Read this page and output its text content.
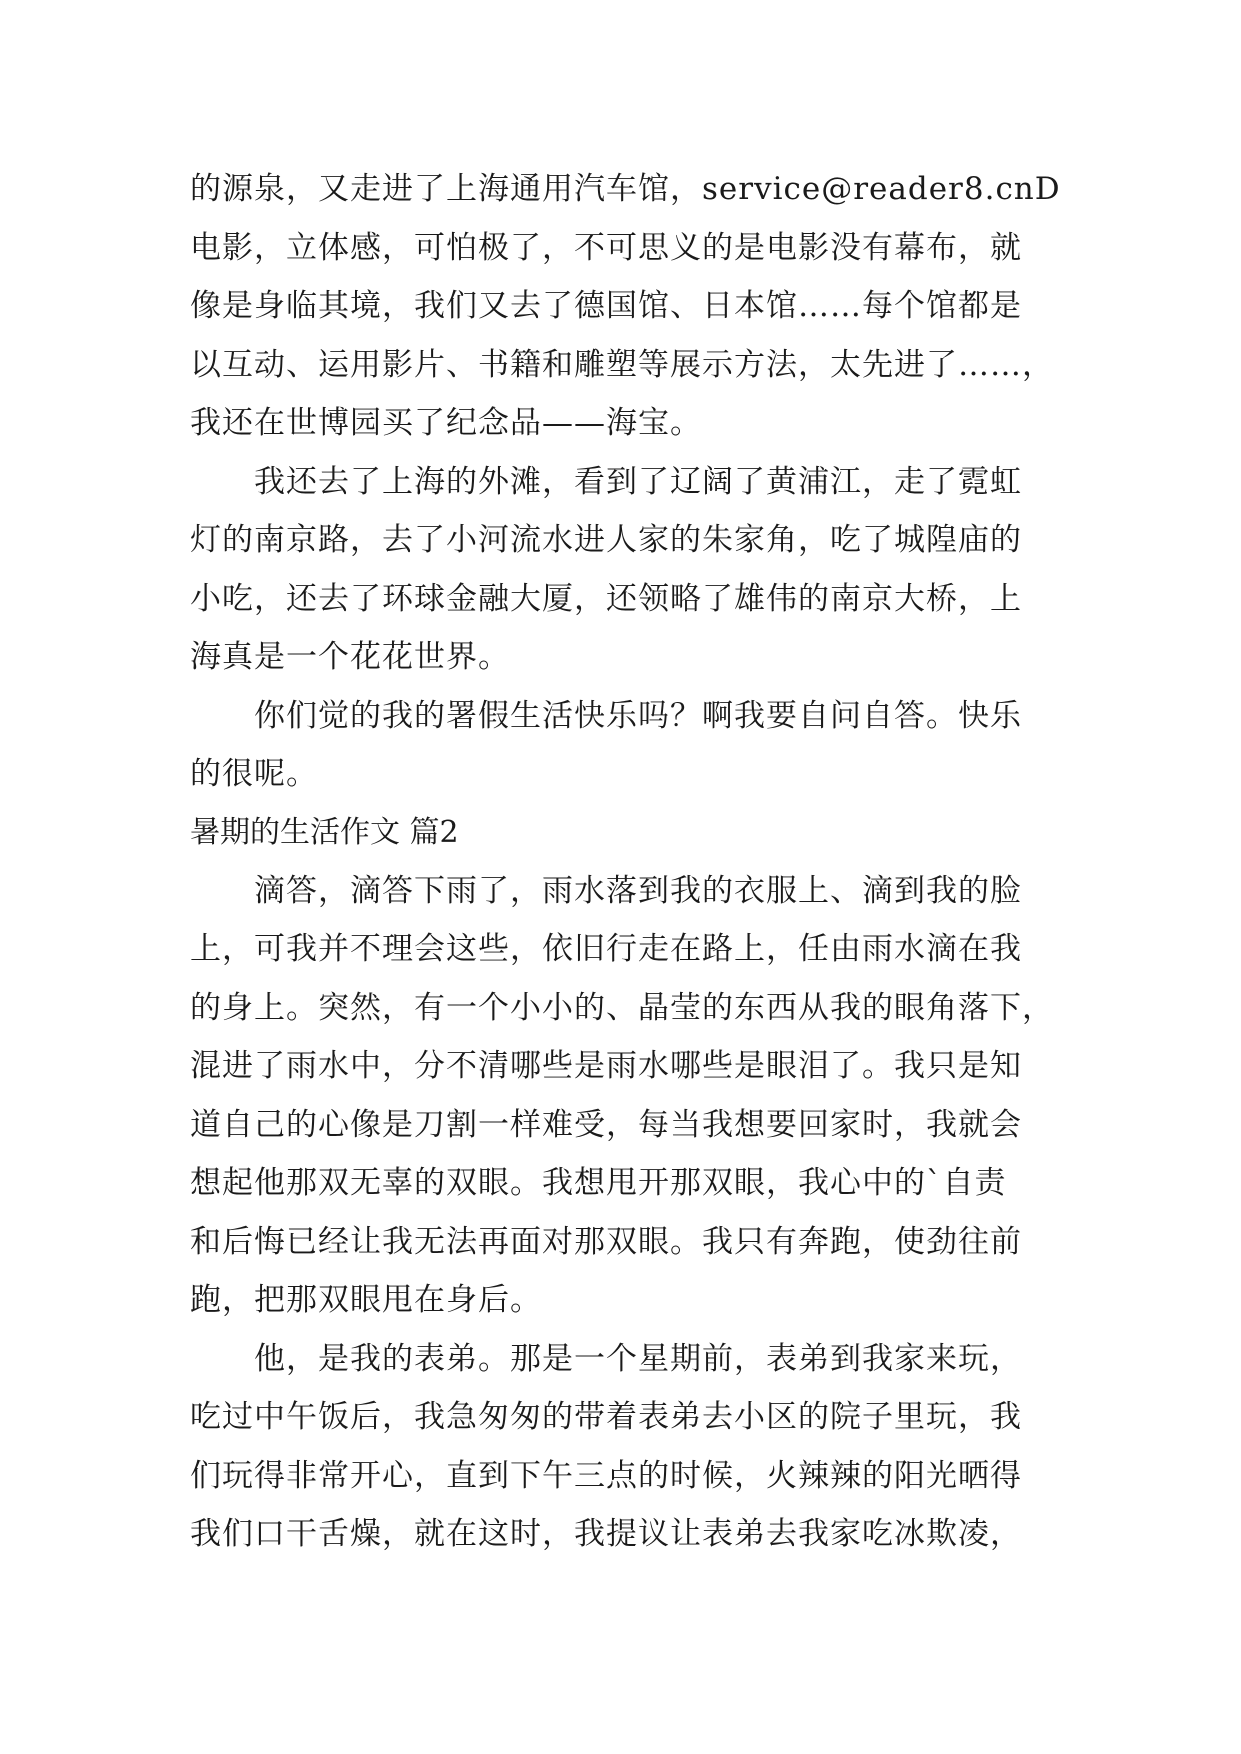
的源泉，又走进了上海通用汽车馆，service@reader8.cnD
电影，立体感，可怕极了，不可思义的是电影没有幕布，就
像是身临其境，我们又去了德国馆、日本馆……每个馆都是
以互动、运用影片、书籍和雕塑等展示方法，太先进了……，
我还在世博园买了纪念品——海宝。
我还去了上海的外滩，看到了辽阔了黄浦江，走了霓虹
灯的南京路，去了小河流水进人家的朱家角，吃了城隍庙的
小吃，还去了环球金融大厦，还领略了雄伟的南京大桥，上
海真是一个花花世界。
你们觉的我的署假生活快乐吗？啊我要自问自答。快乐
的很呢。
暑期的生活作文 篇2
滴答，滴答下雨了，雨水落到我的衣服上、滴到我的脸
上，可我并不理会这些，依旧行走在路上，任由雨水滴在我
的身上。突然，有一个小小的、晶莹的东西从我的眼角落下，
混进了雨水中，分不清哪些是雨水哪些是眼泪了。我只是知
道自己的心像是刀割一样难受，每当我想要回家时，我就会
想起他那双无辜的双眼。我想甩开那双眼，我心中的`自责
和后悔已经让我无法再面对那双眼。我只有奔跑，使劲往前
跑，把那双眼甩在身后。
他，是我的表弟。那是一个星期前，表弟到我家来玩，
吃过中午饭后，我急匆匆的带着表弟去小区的院子里玩，我
们玩得非常开心，直到下午三点的时候，火辣辣的阳光晒得
我们口干舌燥，就在这时，我提议让表弟去我家吃冰欺凌，
